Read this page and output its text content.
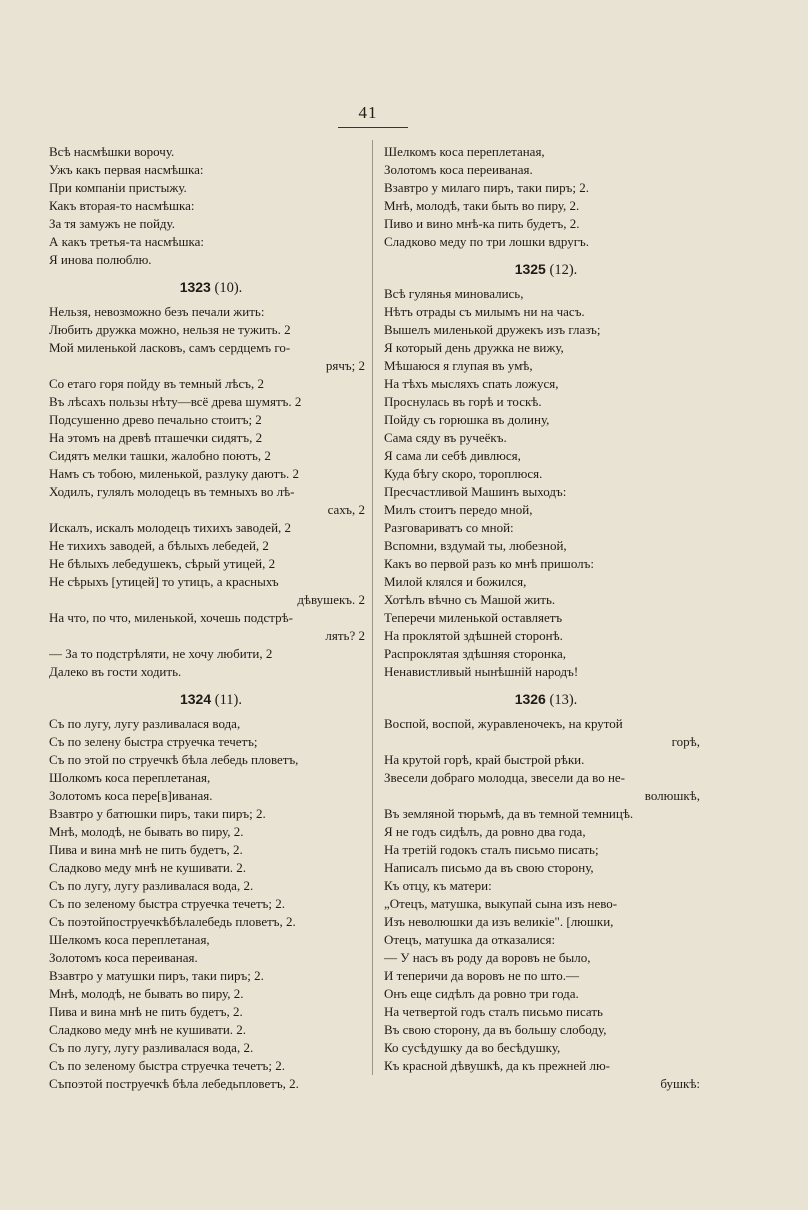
41
Всѣ насмѣшки ворочу.
Ужъ какъ первая насмѣшка:
При компаніи пристыжу.
Какъ вторая-то насмѣшка:
За тя замужъ не пойду.
А какъ третья-та насмѣшка:
Я инова полюблю.
1323 (10).
Нельзя, невозможно безъ печали жить:
Любить дружка можно, нельзя не тужить. 2
Мой миленькой ласковъ, самъ сердцемъ го-
рячъ; 2
Со етаго горя пойду въ темный лѣсъ, 2
Въ лѣсахъ пользы нѣту—всё древа шумятъ. 2
Подсушенно древо печально стоитъ; 2
На этомъ на древѣ пташечки сидятъ, 2
Сидятъ мелки ташки, жалобно поютъ, 2
Намъ съ тобою, миленькой, разлуку даютъ. 2
Ходилъ, гулялъ молодецъ въ темныхъ во лѣ-
сахъ, 2
Искалъ, искалъ молодецъ тихихъ заводей, 2
Не тихихъ заводей, а бѣлыхъ лебедей, 2
Не бѣлыхъ лебедушекъ, сѣрый утицей, 2
Не сѣрыхъ [утицей] то утицъ, а красныхъ
дѣвушекъ. 2
На что, по что, миленькой, хочешь подстрѣ-
лять? 2
— За то подстрѣляти, не хочу любити, 2
Далеко въ гости ходить.
1324 (11).
Съ по лугу, лугу разливалася вода,
Съ по зелену быстра струечка течетъ;
Съ по этой по струечкѣ бѣла лебедь пловетъ,
Шолкомъ коса переплетаная,
Золотомъ коса пере[в]иваная.
Взавтро у батюшки пиръ, таки пиръ; 2.
Мнѣ, молодѣ, не бывать во пиру, 2.
Пива и вина мнѣ не пить будетъ, 2.
Сладково меду мнѣ не кушивати. 2.
Съ по лугу, лугу разливалася вода, 2.
Съ по зеленому быстра струечка течетъ; 2.
Съ поэтойпоструечкѣбѣлалебедь пловетъ, 2.
Шелкомъ коса переплетаная,
Золотомъ коса переиваная.
Взавтро у матушки пиръ, таки пиръ; 2.
Мнѣ, молодѣ, не бывать во пиру, 2.
Пива и вина мнѣ не пить будетъ, 2.
Сладково меду мнѣ не кушивати. 2.
Съ по лугу, лугу разливалася вода, 2.
Съ по зеленому быстра струечка течетъ; 2.
Съпоэтой поструечкѣ бѣла лебедьпловетъ, 2.
Шелкомъ коса переплетаная,
Золотомъ коса переиваная.
Взавтро у милаго пиръ, таки пиръ; 2.
Мнѣ, молодѣ, таки быть во пиру, 2.
Пиво и вино мнѣ-ка пить будетъ, 2.
Сладково меду по три лошки вдругъ.
1325 (12).
Всѣ гулянья миновались,
Нѣтъ отрады съ милымъ ни на часъ.
Вышелъ миленькой дружекъ изъ глазъ;
Я который день дружка не вижу,
Мѣшаюся я глупая въ умѣ,
На тѣхъ мысляхъ спать ложуся,
Проснулась въ горѣ и тоскѣ.
Пойду съ горюшка въ долину,
Сама сяду въ ручеёкъ.
Я сама ли себѣ дивлюся,
Куда бѣгу скоро, тороплюся.
Пресчастливой Машинъ выходъ:
Милъ стоитъ передо мной,
Разговариватъ со мной:
Вспомни, вздумай ты, любезной,
Какъ во первой разъ ко мнѣ пришолъ:
Милой клялся и божился,
Хотѣлъ вѣчно съ Машой жить.
Теперечи миленькой оставляетъ
На проклятой здѣшней сторонѣ.
Распроклятая здѣшняя сторонка,
Ненавистливый нынѣшній народъ!
1326 (13).
Воспой, воспой, журавленочекъ, на крутой
горѣ,
На крутой горѣ, край быстрой рѣки.
Звесели добраго молодца, звесели да во не-
волюшкѣ,
Въ земляной тюрьмѣ, да въ темной темницѣ.
Я не годъ сидѣлъ, да ровно два года,
На третій годокъ сталъ письмо писать;
Написалъ письмо да въ свою сторону,
Къ отцу, къ матери:
„Отецъ, матушка, выкупай сына изъ нево-
Изъ неволюшки да изъ великіе". [люшки,
Отецъ, матушка да отказалися:
— У насъ въ роду да воровъ не было,
И теперичи да воровъ не по што.—
Онъ еще сидѣлъ да ровно три года.
На четвертой годъ сталъ письмо писать
Въ свою сторону, да въ большу слободу,
Ко сусѣдушку да во бесѣдушку,
Къ красной дѣвушкѣ, да къ прежней лю-
бушкѣ:
